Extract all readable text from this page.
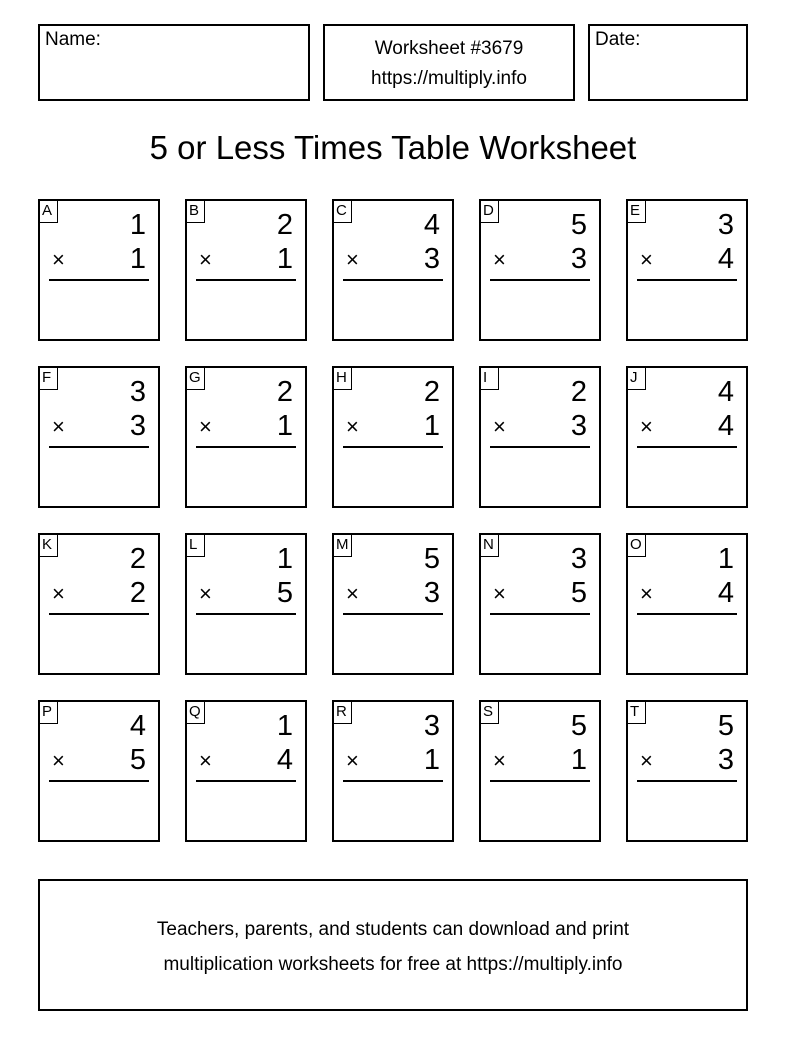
Name:	Worksheet #3679
https://multiply.info
Date:
5 or Less Times Table Worksheet
A	1
× 1
B	2
× 1
C	4
× 3
D	5
× 3
E	3
× 4
F	3
× 3
G	2
× 1
H	2
× 1
I	2
× 3
J	4
× 4
K	2
× 2
L	1
× 5
M	5
× 3
N	3
× 5
O	1
× 4
P	4
× 5
Q	1
× 4
R	3
× 1
S	5
× 1
T	5
× 3
Teachers, parents, and students can download and print
multiplication worksheets for free at https://multiply.info
